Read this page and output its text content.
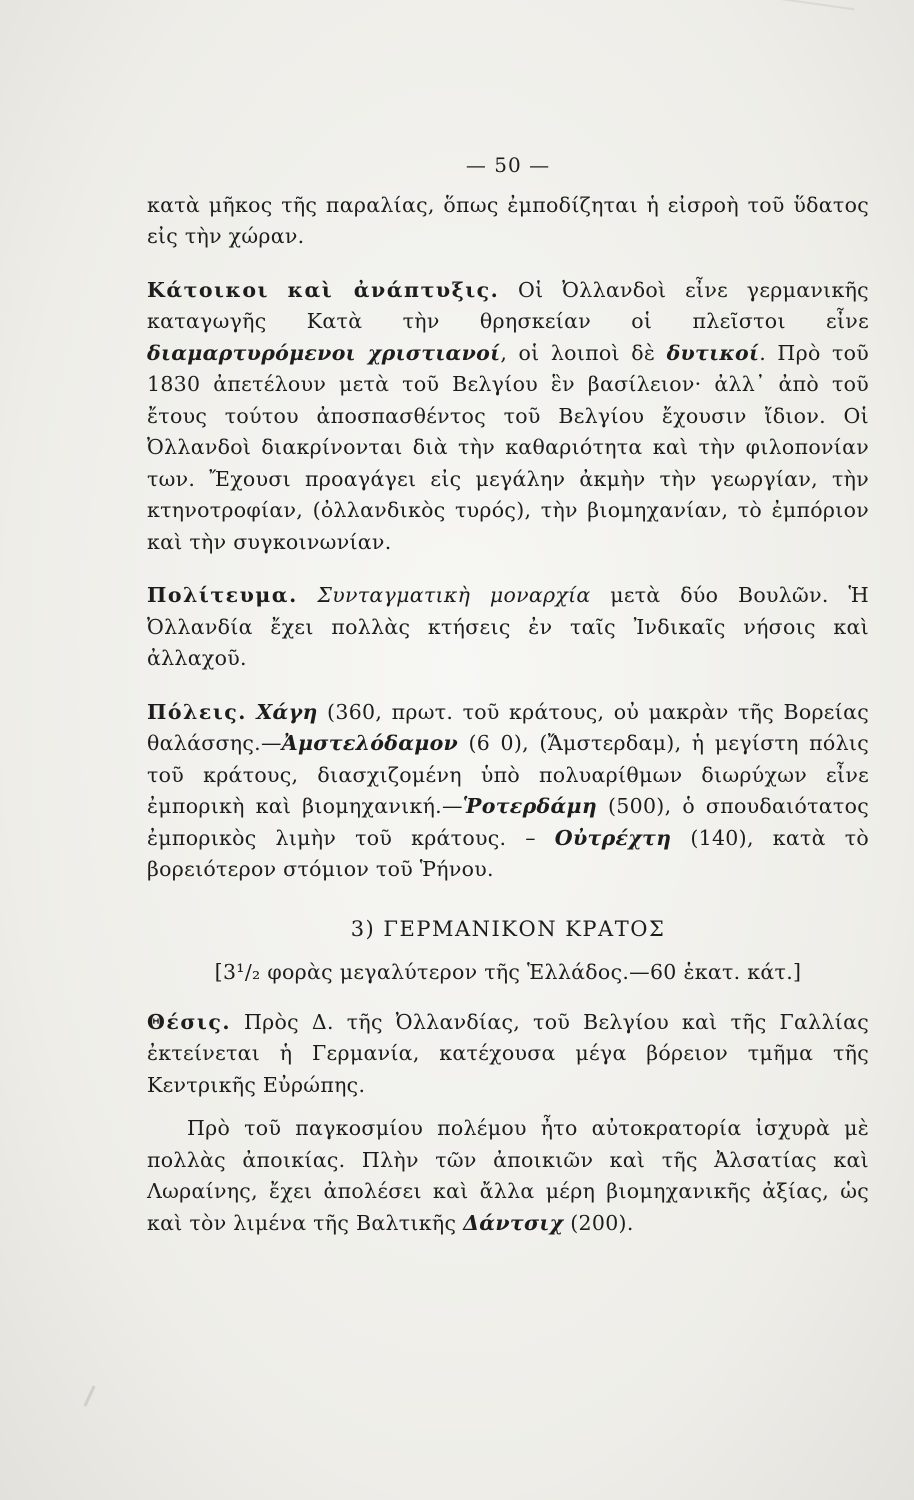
— 50 —

κατὰ μῆκος τῆς παραλίας, ὅπως ἐμποδίζηται ἡ εἰσροὴ τοῦ ὕδατος εἰς τὴν χώραν.

Κάτοικοι καὶ ἀνάπτυξις. Οἱ Ὀλλανδοὶ εἶνε γερμανικῆς καταγωγῆς Κατὰ τὴν θρησκείαν οἱ πλεῖστοι εἶνε διαμαρτυρόμενοι χριστιανοί, οἱ λοιποὶ δὲ δυτικοί. Πρὸ τοῦ 1830 ἀπετέλουν μετὰ τοῦ Βελγίου ἓν βασίλειον· ἀλλ᾽ ἀπὸ τοῦ ἔτους τούτου ἀποσπασθέντος τοῦ Βελγίου ἔχουσιν ἴδιον. Οἱ Ὀλλανδοὶ διακρίνονται διὰ τὴν καθαριότητα καὶ τὴν φιλοπονίαν των. Ἔχουσι προαγάγει εἰς μεγάλην ἀκμὴν τὴν γεωργίαν, τὴν κτηνοτροφίαν, (ὀλλανδικὸς τυρός), τὴν βιομηχανίαν, τὸ ἐμπόριον καὶ τὴν συγκοινωνίαν.

Πολίτευμα. Συνταγματικὴ μοναρχία μετὰ δύο Βουλῶν. Ἡ Ὀλλανδία ἔχει πολλὰς κτήσεις ἐν ταῖς Ἰνδικαῖς νήσοις καὶ ἀλλαχοῦ.

Πόλεις. Χάγη (360, πρωτ. τοῦ κράτους, οὐ μακρὰν τῆς Βορείας θαλάσσης.—Ἀμστελόδαμον (6 0), (Ἄμστερδαμ), ἡ μεγίστη πόλις τοῦ κράτους, διασχιζομένη ὑπὸ πολυαρίθμων διωρύχων εἶνε ἐμπορικὴ καὶ βιομηχανική.—Ῥοτερδάμη (500), ὁ σπουδαιότατος ἐμπορικὸς λιμὴν τοῦ κράτους. – Οὐτρέχτη (140), κατὰ τὸ βορειότερον στόμιον τοῦ Ῥήνου.

3) ΓΕΡΜΑΝΙΚΟΝ ΚΡΑΤΟΣ
[3¹/₂ φορὰς μεγαλύτερον τῆς Ἑλλάδος.—60 ἑκατ. κάτ.]

Θέσις. Πρὸς Δ. τῆς Ὀλλανδίας, τοῦ Βελγίου καὶ τῆς Γαλλίας ἐκτείνεται ἡ Γερμανία, κατέχουσα μέγα βόρειον τμῆμα τῆς Κεντρικῆς Εὐρώπης.

Πρὸ τοῦ παγκοσμίου πολέμου ἦτο αὐτοκρατορία ἰσχυρὰ μὲ πολλὰς ἀποικίας. Πλὴν τῶν ἀποικιῶν καὶ τῆς Ἀλσατίας καὶ Λωραίνης, ἔχει ἀπολέσει καὶ ἄλλα μέρη βιομηχανικῆς ἀξίας, ὡς καὶ τὸν λιμένα τῆς Βαλτικῆς Δάντσιχ (200).
